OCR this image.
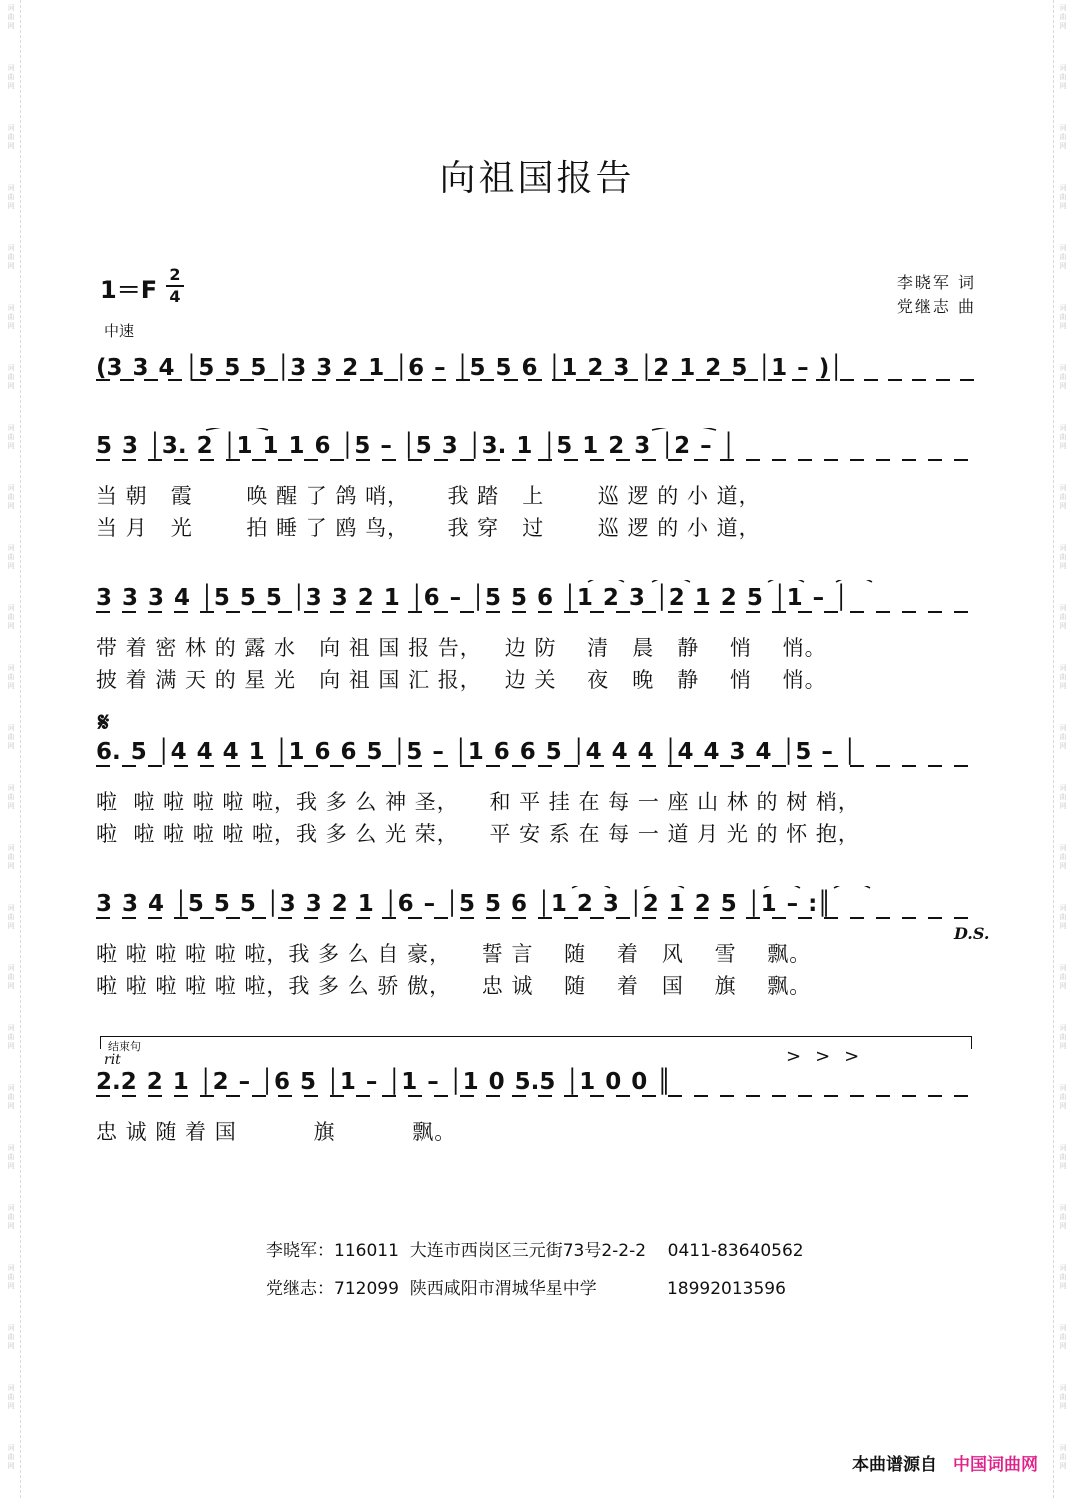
词
曲
网
词
曲
网
词
曲
网
词
曲
网
词
曲
网
词
曲
网
词
曲
网
词
曲
网
词
曲
网
词
曲
网
词
曲
网
词
曲
网
词
曲
网
词
曲
网
词
曲
网
词
曲
网
词
曲
网
词
曲
网
词
曲
网
词
曲
网
词
曲
网
词
曲
网
词
曲
网
词
曲
网
词
曲
网
词
曲
网
词
曲
网
词
曲
网
词
曲
网
词
曲
网
词
曲
网
词
曲
网
词
曲
网
词
曲
网
词
曲
网
词
曲
网
词
曲
网
词
曲
网
词
曲
网
词
曲
网
词
曲
网
词
曲
网
词
曲
网
词
曲
网
词
曲
网
词
曲
网
词
曲
网
词
曲
网
词
曲
网
词
曲
网
向祖国报告
1＝F
2
4
中速
李晓军 词
党继志 曲
(3 3 4 │5 5 5 │3 3 2 1 │6 – │5 5 6 │1 2 3 │2 1 2 5 │1 – )│
5 3 │3. 2 │1 1 1 6 │5 – │5 3 │3. 1 │5 1 2 3 │2 – │
当 朝   霞       唤 醒 了 鸽 哨，     我 踏   上       巡 逻 的 小 道，
当 月   光       拍 睡 了 鸥 鸟，     我 穿   过       巡 逻 的 小 道，
3 3 3 4 │5 5 5 │3 3 2 1 │6 – │5 5 6 │1 2 3 │2 1 2 5 │1 – │
带 着 密 林 的 露 水   向 祖 国 报 告，   边 防    清   晨   静    悄    悄。
披 着 满 天 的 星 光   向 祖 国 汇 报，   边 关    夜   晚   静    悄    悄。
𝄋
6. 5 │4 4 4 1 │1 6 6 5 │5 – │1 6 6 5 │4 4 4 │4 4 3 4 │5 – │
啦  啦 啦 啦 啦 啦，我 多 么 神 圣，    和 平 挂 在 每 一 座 山 林 的 树 梢，
啦  啦 啦 啦 啦 啦，我 多 么 光 荣，    平 安 系 在 每 一 道 月 光 的 怀 抱，
3 3 4 │5 5 5 │3 3 2 1 │6 – │5 5 6 │1 2 3 │2 1 2 5 │1 – :║
D.S.
啦 啦 啦 啦 啦 啦，我 多 么 自 豪，    誓 言    随    着   风    雪    飘。
啦 啦 啦 啦 啦 啦，我 多 么 骄 傲，    忠 诚    随    着   国    旗    飘。
结束句
rit	>>>
2.2 2 1 │2 – │6 5 │1 – │1 – │1 0 5.5 │1 0 0 ║
忠 诚 随 着 国          旗          飘。
李晓军：116011  大连市西岗区三元街73号2-2-2    0411-83640562
党继志：712099  陕西咸阳市渭城华星中学             18992013596
本曲谱源自 中国词曲网
